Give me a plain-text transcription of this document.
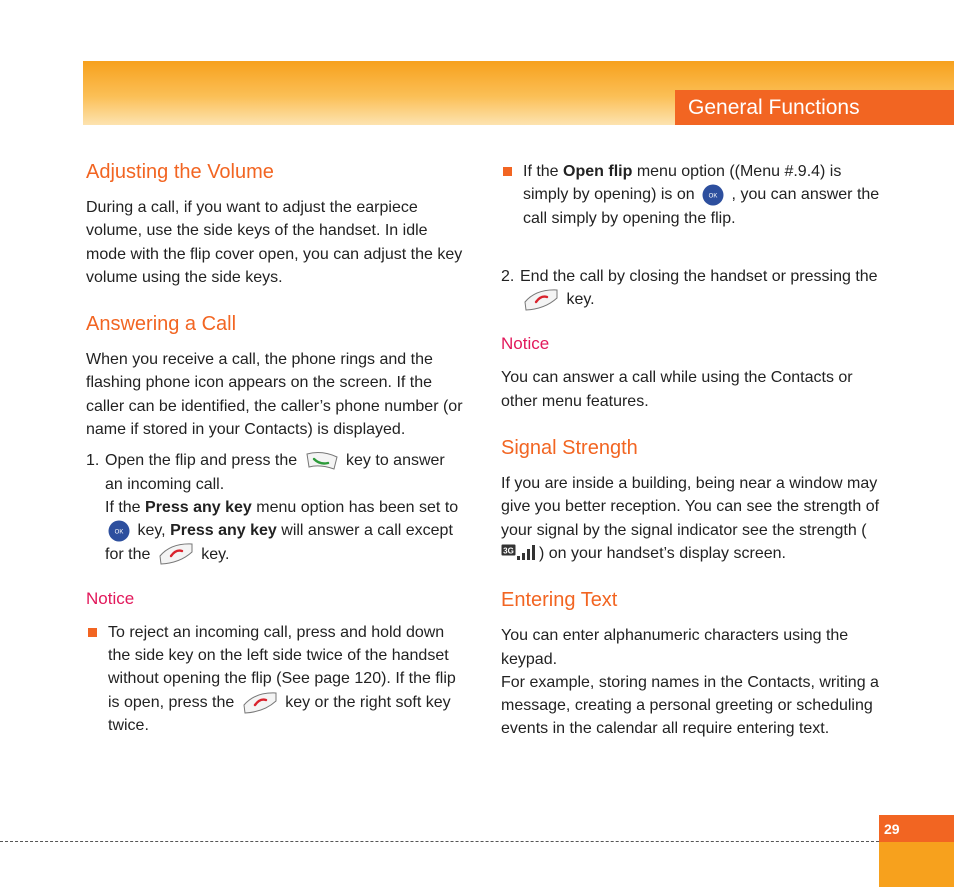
General Functions
Adjusting the Volume

During a call, if you want to adjust the earpiece volume, use the side keys of the handset. In idle mode with the flip cover open, you can adjust the key volume using the side keys.

Answering a Call

When you receive a call, the phone rings and the flashing phone icon appears on the screen. If the caller can be identified, the caller’s phone number (or name if stored in your Contacts) is displayed.

1. Open the flip and press the	key to answer an incoming call.
If the Press any key menu option has been set to
OK key, Press any key will answer a call except for the	key.
Notice
To reject an incoming call, press and hold down the side key on the left side twice of the handset without opening the flip (See page 120). If the flip is open, press the	key or the right soft key twice.
If the Open flip menu option ((Menu #.9.4) is simply by opening) is on OK , you can answer the call simply by opening the flip.
2. End the call by closing the handset or pressing the  key.
Notice

You can answer a call while using the Contacts or other menu features.

Signal Strength

If you are inside a building, being near a window may give you better reception. You can see the strength of your signal by the signal indicator see the strength (
3G ) on your handset’s display screen.

Entering Text

You can enter alphanumeric characters using the keypad.

For example, storing names in the Contacts, writing a message, creating a personal greeting or scheduling events in the calendar all require entering text.

29
